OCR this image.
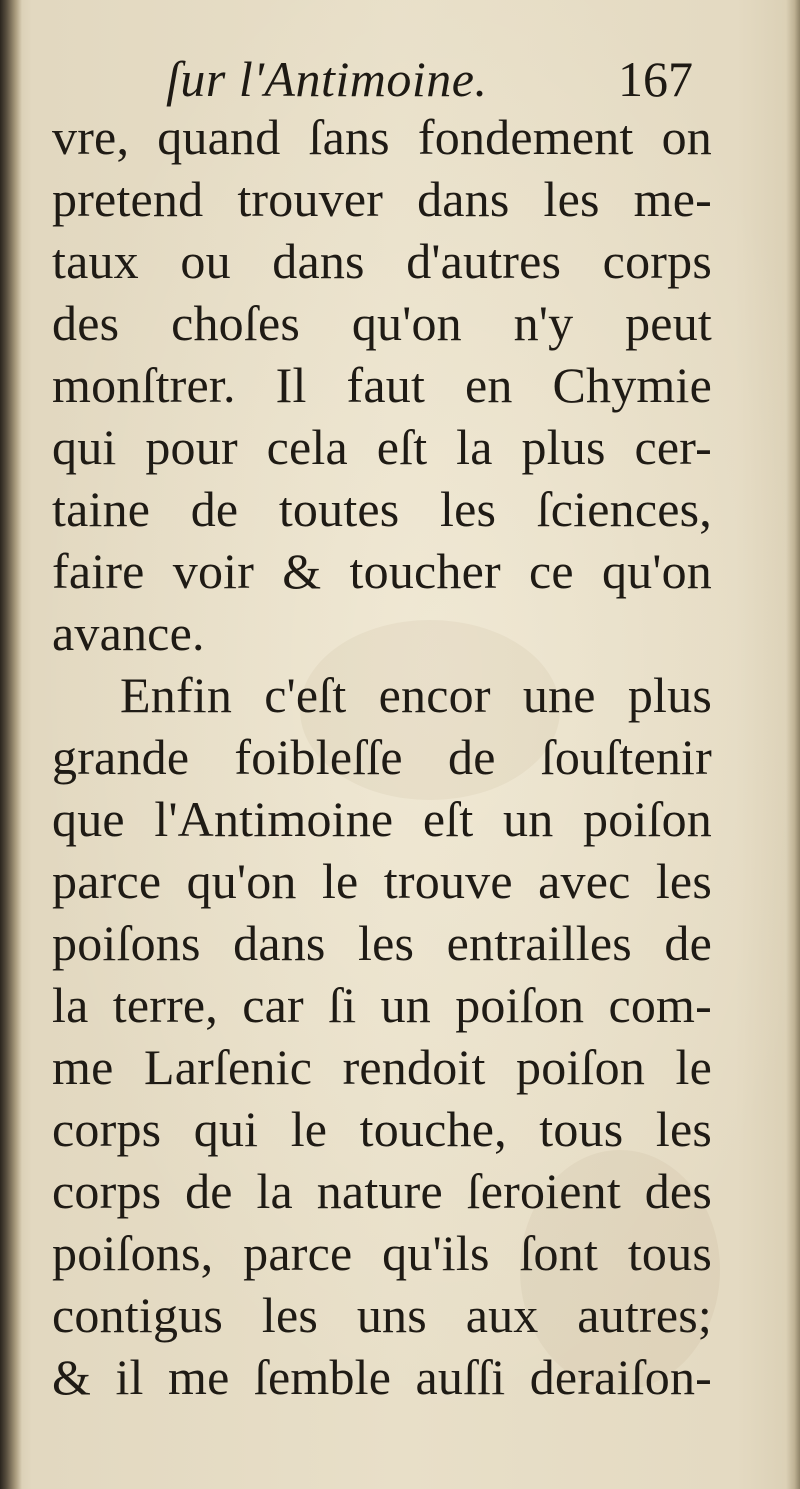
ſur l'Antimoine.	167
vre, quand ſans fondement on
pretend trouver dans les me-
taux ou dans d'autres corps
des choſes qu'on n'y peut
monſtrer. Il faut en Chymie
qui pour cela eſt la plus cer-
taine de toutes les ſciences,
faire voir & toucher ce qu'on
avance.
Enfin c'eſt encor une plus
grande foibleſſe de ſouſtenir
que l'Antimoine eſt un poiſon
parce qu'on le trouve avec les
poiſons dans les entrailles de
la terre, car ſi un poiſon com-
me Larſenic rendoit poiſon le
corps qui le touche, tous les
corps de la nature ſeroient des
poiſons, parce qu'ils ſont tous
contigus les uns aux autres;
& il me ſemble auſſi deraiſon-
